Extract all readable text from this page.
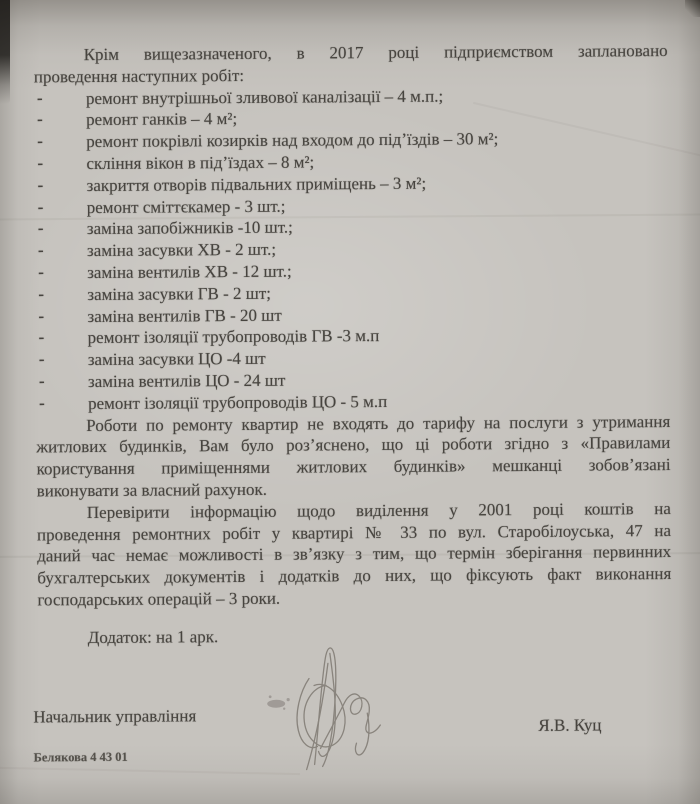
Крім вищезазначеного, в 2017 році підприємством заплановано
проведення наступних робіт:
-	ремонт внутрішньої зливової каналізації – 4 м.п.;
-	ремонт ганків – 4 м²;
-	ремонт покрівлі козирків над входом до під’їздів – 30 м²;
-	скління вікон в під’їздах – 8 м²;
-	закриття отворів підвальних приміщень – 3 м²;
-	ремонт сміттєкамер - 3 шт.;
-	заміна запобіжників -10 шт.;
-	заміна засувки ХВ - 2 шт.;
-	заміна вентилів ХВ - 12 шт.;
-	заміна засувки ГВ - 2 шт;
-	заміна вентилів ГВ - 20 шт
-	ремонт ізоляції трубопроводів ГВ -3 м.п
-	заміна засувки ЦО -4 шт
-	заміна вентилів ЦО - 24 шт
-	ремонт ізоляції трубопроводів ЦО - 5 м.п
Роботи по ремонту квартир не входять до тарифу на послуги з утримання
житлових будинків, Вам було роз’яснено, що ці роботи згідно з «Правилами
користування приміщеннями житлових будинків» мешканці зобов’язані
виконувати за власний рахунок.
Перевірити інформацію щодо виділення у 2001 році коштів на
проведення ремонтних робіт у квартирі № 33 по вул. Старобілоуська, 47 на
даний час немає можливості в зв’язку з тим, що термін зберігання первинних
бухгалтерських документів і додатків до них, що фіксують факт виконання
господарських операцій – 3 роки.
Додаток: на 1 арк.
Начальник управління	Я.В. Куц
Белякова 4 43 01
